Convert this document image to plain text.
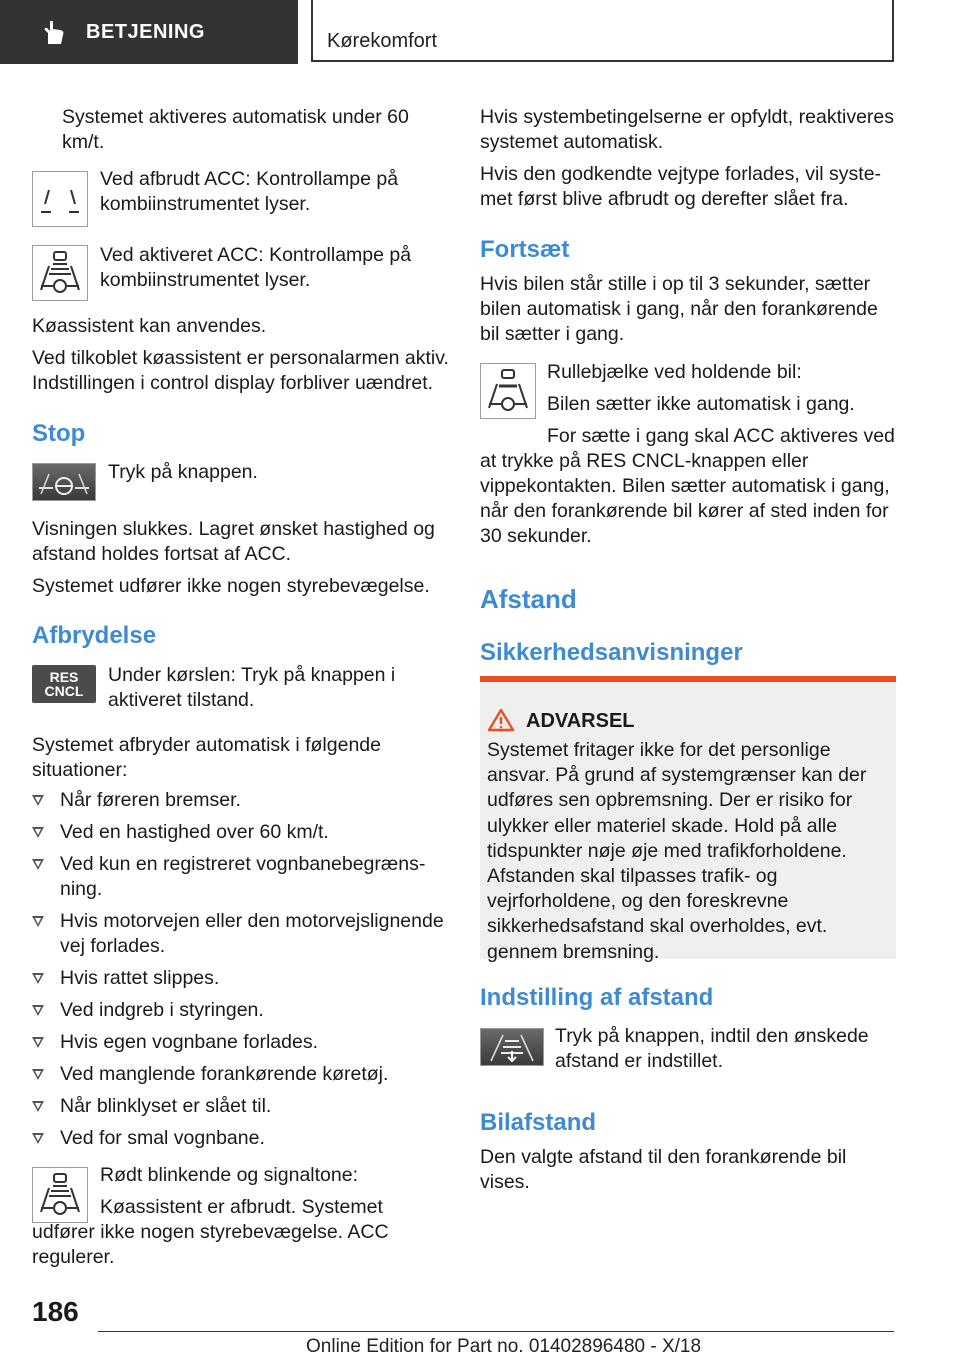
BETJENING	Kørekomfort

Systemet aktiveres automatisk under 60 km/t.

Ved afbrudt ACC: Kontrollampe på kombiinstrumentet lyser.

Ved aktiveret ACC: Kontrollampe på kombiinstrumentet lyser.

Køassistent kan anvendes.

Ved tilkoblet køassistent er personalarmen aktiv. Indstillingen i control display forbliver uændret.

Stop

Tryk på knappen.

Visningen slukkes. Lagret ønsket hastighed og afstand holdes fortsat af ACC.

Systemet udfører ikke nogen styrebevægelse.

Afbrydelse
RES
CNCL

Under kørslen: Tryk på knappen i aktiveret tilstand.

Systemet afbryder automatisk i følgende situationer:

Når føreren bremser.
Ved en hastighed over 60 km/t.
Ved kun en registreret vognbanebegrænsning.
Hvis motorvejen eller den motorvejslignende vej forlades.
Hvis rattet slippes.
Ved indgreb i styringen.
Hvis egen vognbane forlades.
Ved manglende forankørende køretøj.
Når blinklyset er slået til.
Ved for smal vognbane.

Rødt blinkende og signaltone:

Køassistent er afbrudt. Systemet udfører ikke nogen styrebevægelse. ACC regulerer.

Hvis systembetingelserne er opfyldt, reaktiveres systemet automatisk.

Hvis den godkendte vejtype forlades, vil systemet først blive afbrudt og derefter slået fra.

Fortsæt

Hvis bilen står stille i op til 3 sekunder, sætter bilen automatisk i gang, når den forankørende bil sætter i gang.

Rullebjælke ved holdende bil:

Bilen sætter ikke automatisk i gang.

For sætte i gang skal ACC aktiveres ved at trykke på RES CNCL-knappen eller vippekontakten. Bilen sætter automatisk i gang, når den forankørende bil kører af sted inden for 30 sekunder.

Afstand
Sikkerhedsanvisninger
ADVARSEL
Systemet fritager ikke for det personlige ansvar. På grund af systemgrænser kan der udføres sen opbremsning. Der er risiko for ulykker eller materiel skade. Hold på alle tidspunkter nøje øje med trafikforholdene. Afstanden skal tilpasses trafik- og vejrforholdene, og den foreskrevne sikkerhedsafstand skal overholdes, evt. gennem bremsning.
Indstilling af afstand

Tryk på knappen, indtil den ønskede afstand er indstillet.

Bilafstand

Den valgte afstand til den forankørende bil vises.

186
Online Edition for Part no. 01402896480 - X/18
